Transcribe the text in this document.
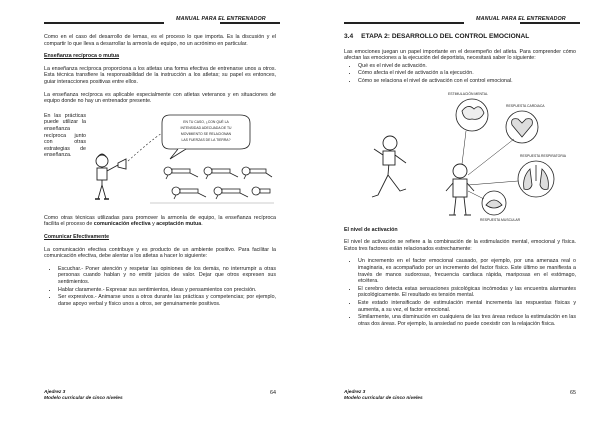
MANUAL PARA EL ENTRENADOR

Como en el caso del desarrollo de lemas, es el proceso lo que importa. Es la discusión y el compartir lo que lleva a desarrollar la armonía de equipo, no un acrónimo en particular.

Enseñanza recíproca o mutua

La enseñanza recíproca proporciona a los atletas una forma efectiva de entrenarse unos a otros. Esta técnica transfiere la responsabilidad de la instrucción a los atletas; su papel es entonces, guiar interacciones positivas entre ellos.

La enseñanza recíproca es aplicable especialmente con atletas veteranos y en situaciones de equipo donde no hay un entrenador presente.

En las prácticas puede utilizar la enseñanza recíproca junto con otras estrategias de enseñanza.
EN TU CASO, ¿CON QUÉ LA
INTENSIDAD ADECUADA DE TU
MOVIMIENTO SE RELACIONAN
LAS FUERZAS DE LA TIERRA?

Como otras técnicas utilizadas para promover la armonía de equipo, la enseñanza recíproca facilita el proceso de comunicación efectiva y aceptación mutua.

Comunicar Efectivamente

La comunicación efectiva contribuye y es producto de un ambiente positivo. Para facilitar la comunicación efectiva, debe alentar a los atletas a hacer lo siguiente:

• Escuchar.- Poner atención y respetar las opiniones de los demás, no interrumpir a otras personas cuando hablan y no emitir juicios de valor. Dejar que otros expresen sus sentimientos.
• Hablar claramente.- Expresar sus sentimientos, ideas y pensamientos con precisión.
• Ser expresivos.- Animarse unos a otros durante las prácticas y competencias; por ejemplo, darse apoyo verbal y físico unos a otros, ser genuinamente positivos.
Ajedrez 3
Modelo curricular de cinco niveles
64
MANUAL PARA EL ENTRENADOR
3.4 ETAPA 2: DESARROLLO DEL CONTROL EMOCIONAL

Las emociones juegan un papel importante en el desempeño del atleta. Para comprender cómo afectan las emociones a la ejecución del deportista, necesitará saber lo siguiente:

• Qué es el nivel de activación.
• Cómo afecta el nivel de activación a la ejecución.
• Cómo se relaciona el nivel de activación con el control emocional.
ESTIMULACIÓN MENTAL
RESPUESTA CARDIACA
RESPUESTA RESPIRATORIA
RESPUESTA MUSCULAR

El nivel de activación

El nivel de activación se refiere a la combinación de la estimulación mental, emocional y física. Estos tres factores están relacionados estrechamente:

• Un incremento en el factor emocional causado, por ejemplo, por una amenaza real o imaginaria, es acompañado por un incremento del factor físico. Este último se manifiesta a través de manos sudorosas, frecuencia cardiaca rápida, mariposas en el estómago, etcétera.
• El cerebro detecta estas sensaciones psicológicas incómodas y las encuentra alarmantes psicológicamente. El resultado es tensión mental.
• Este estado intensificado de estimulación mental incrementa las respuestas físicas y aumenta, a su vez, el factor emocional.
• Similarmente, una disminución en cualquiera de las tres áreas reduce la estimulación en las otras dos áreas. Por ejemplo, la ansiedad no puede coexistir con la relajación física.
Ajedrez 3
Modelo curricular de cinco niveles
65
